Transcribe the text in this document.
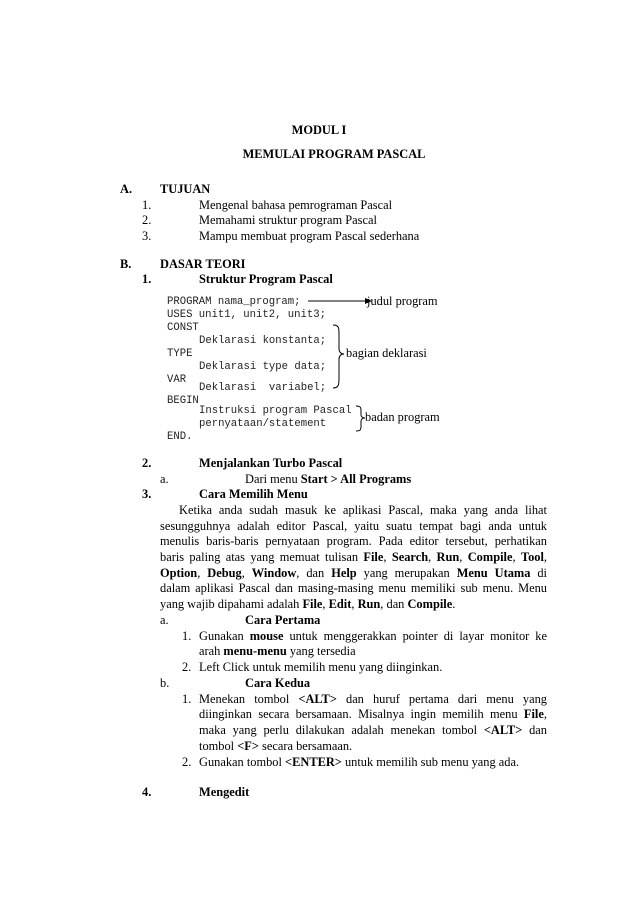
MODUL I
MEMULAI PROGRAM PASCAL
A. TUJUAN
1.	Mengenal bahasa pemrograman Pascal
2.	Memahami struktur program Pascal
3.	Mampu membuat program Pascal sederhana
B. DASAR TEORI
1.	Struktur Program Pascal
PROGRAM nama_program;
USES unit1, unit2, unit3;
CONST
Deklarasi konstanta;
TYPE
Deklarasi type data;
VAR
Deklarasi  variabel;
BEGIN
Instruksi program Pascal
pernyataan/statement
END.
judul program
bagian deklarasi
badan program
2.	Menjalankan Turbo Pascal
a.	Dari menu Start > All Programs
3.	Cara Memilih Menu
Ketika anda sudah masuk ke aplikasi Pascal, maka yang anda lihat
sesungguhnya adalah editor Pascal, yaitu suatu tempat bagi anda untuk
menulis baris-baris pernyataan program. Pada editor tersebut, perhatikan
baris paling atas yang memuat tulisan File, Search, Run, Compile, Tool,
Option, Debug, Window, dan Help yang merupakan Menu Utama di
dalam aplikasi Pascal dan masing-masing menu memiliki sub menu. Menu
yang wajib dipahami adalah File, Edit, Run, dan Compile.
a.	Cara Pertama
1. Gunakan mouse untuk menggerakkan pointer di layar monitor ke
arah menu-menu yang tersedia
2. Left Click untuk memilih menu yang diinginkan.
b.	Cara Kedua
1. Menekan tombol <ALT> dan huruf pertama dari menu yang
diinginkan secara bersamaan. Misalnya ingin memilih menu File,
maka yang perlu dilakukan adalah menekan tombol <ALT> dan
tombol <F> secara bersamaan.
2. Gunakan tombol <ENTER> untuk memilih sub menu yang ada.
4.	Mengedit
